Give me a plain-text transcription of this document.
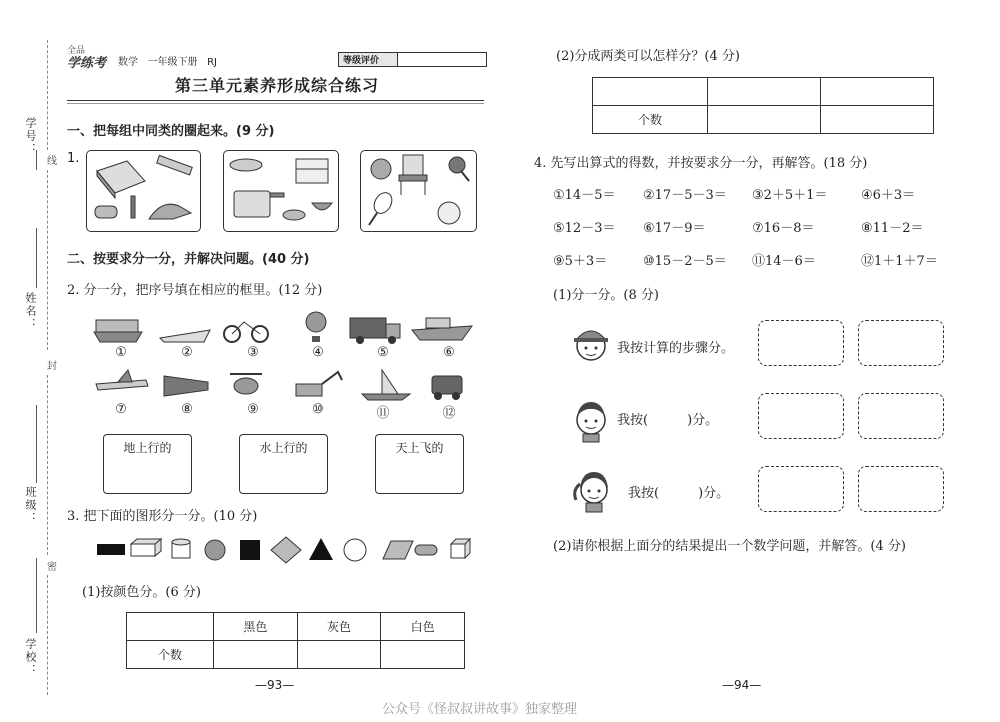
学号：
姓名：
班级：
学校：
线
封
密
全品
学练考	数学 一年级下册 RJ	等级评价
第三单元素养形成综合练习
一、把每组中同类的圈起来。(9 分)
1.
二、按要求分一分，并解决问题。(40 分)
2. 分一分，把序号填在相应的框里。(12 分)
①	②	③	④	⑤	⑥
⑦	⑧	⑨	⑩	⑪	⑫
地上行的	水上行的	天上飞的
3. 把下面的图形分一分。(10 分)
(1)按颜色分。(6 分)
	黑色	灰色	白色
个数			
—93—
(2)分成两类可以怎样分？(4 分)

个数		
4. 先写出算式的得数，并按要求分一分，再解答。(18 分)
①14－5＝ ②17－5－3＝ ③2＋5＋1＝	④6＋3＝
⑤12－3＝ ⑥17－9＝	⑦16－8＝	⑧11－2＝
⑨5＋3＝	⑩15－2－5＝ ⑪14－6＝	⑫1＋1＋7＝
(1)分一分。(8 分)
我按计算的步骤分。
我按(　　　)分。
我按(　　　)分。
(2)请你根据上面分的结果提出一个数学问题，并解答。(4 分)
—94—
公众号《怪叔叔讲故事》独家整理
